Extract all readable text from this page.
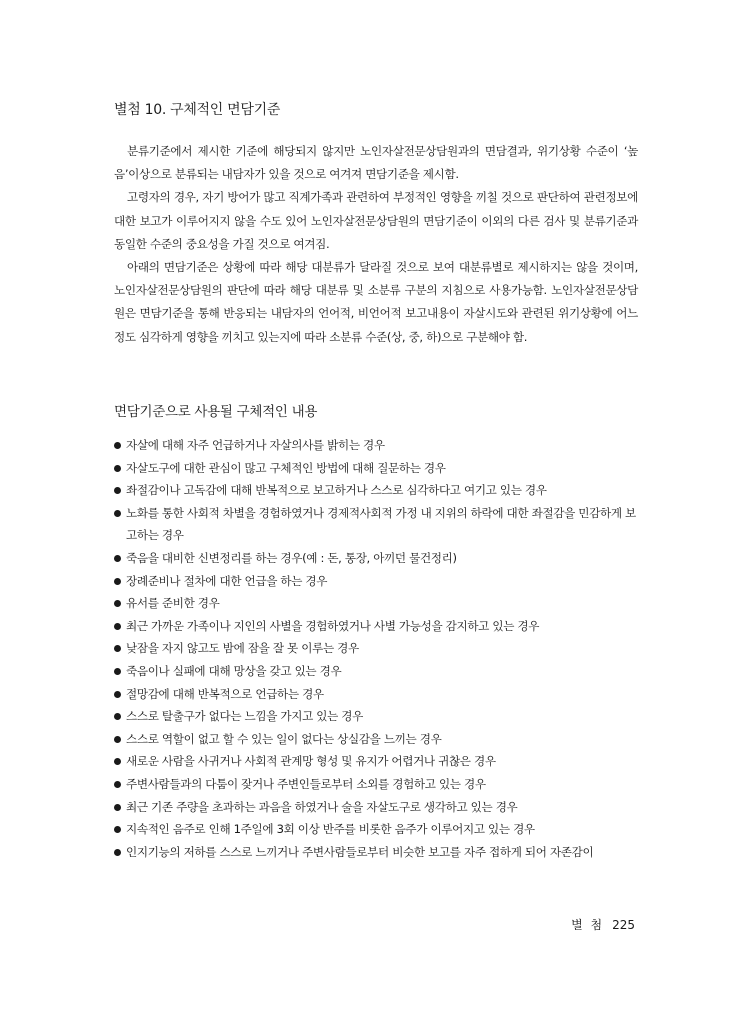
별첨 10. 구체적인 면담기준

분류기준에서 제시한 기준에 해당되지 않지만 노인자살전문상담원과의 면담결과, 위기상황 수준이 ‘높음’이상으로 분류되는 내담자가 있을 것으로 여겨져 면담기준을 제시함.

고령자의 경우, 자기 방어가 많고 직계가족과 관련하여 부정적인 영향을 끼칠 것으로 판단하여 관련정보에 대한 보고가 이루어지지 않을 수도 있어 노인자살전문상담원의 면담기준이 이외의 다른 검사 및 분류기준과 동일한 수준의 중요성을 가질 것으로 여겨짐.

아래의 면담기준은 상황에 따라 해당 대분류가 달라질 것으로 보여 대분류별로 제시하지는 않을 것이며, 노인자살전문상담원의 판단에 따라 해당 대분류 및 소분류 구분의 지침으로 사용가능함. 노인자살전문상담원은 면담기준을 통해 반응되는 내담자의 언어적, 비언어적 보고내용이 자살시도와 관련된 위기상황에 어느 정도 심각하게 영향을 끼치고 있는지에 따라 소분류 수준(상, 중, 하)으로 구분해야 함.

면담기준으로 사용될 구체적인 내용
자살에 대해 자주 언급하거나 자살의사를 밝히는 경우
자살도구에 대한 관심이 많고 구체적인 방법에 대해 질문하는 경우
좌절감이나 고독감에 대해 반복적으로 보고하거나 스스로 심각하다고 여기고 있는 경우
노화를 통한 사회적 차별을 경험하였거나 경제적사회적 가정 내 지위의 하락에 대한 좌절감을 민감하게 보고하는 경우
죽음을 대비한 신변정리를 하는 경우(예 : 돈, 통장, 아끼던 물건정리)
장례준비나 절차에 대한 언급을 하는 경우
유서를 준비한 경우
최근 가까운 가족이나 지인의 사별을 경험하였거나 사별 가능성을 감지하고 있는 경우
낮잠을 자지 않고도 밤에 잠을 잘 못 이루는 경우
죽음이나 실패에 대해 망상을 갖고 있는 경우
절망감에 대해 반복적으로 언급하는 경우
스스로 탈출구가 없다는 느낌을 가지고 있는 경우
스스로 역할이 없고 할 수 있는 일이 없다는 상실감을 느끼는 경우
새로운 사람을 사귀거나 사회적 관계망 형성 및 유지가 어렵거나 귀찮은 경우
주변사람들과의 다툼이 잦거나 주변인들로부터 소외를 경험하고 있는 경우
최근 기존 주량을 초과하는 과음을 하였거나 술을 자살도구로 생각하고 있는 경우
지속적인 음주로 인해 1주일에 3회 이상 반주를 비롯한 음주가 이루어지고 있는 경우
인지기능의 저하를 스스로 느끼거나 주변사람들로부터 비슷한 보고를 자주 접하게 되어 자존감이
별 첨 225
